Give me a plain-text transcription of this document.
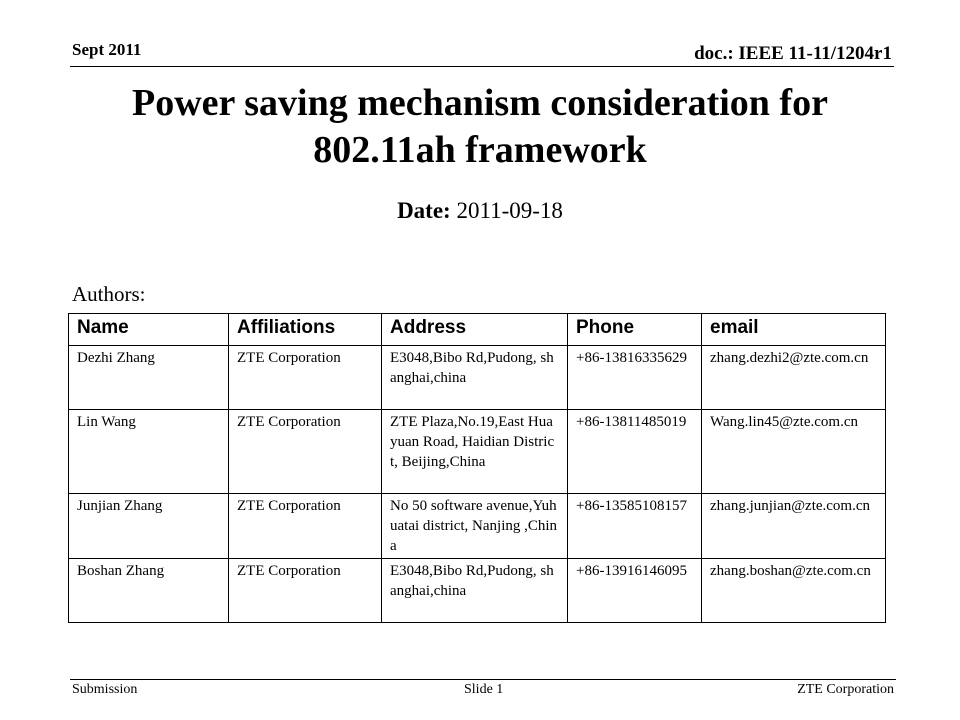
Sept 2011	doc.: IEEE 11-11/1204r1
Power saving mechanism consideration for 802.11ah framework
Date: 2011-09-18
Authors:
Name	Affiliations	Address	Phone	email
Dezhi Zhang	ZTE Corporation	E3048,Bibo Rd,Pudong, shanghai,china	+86-13816335629	zhang.dezhi2@zte.com.cn
Lin Wang	ZTE Corporation	ZTE Plaza,No.19,East Huayuan Road, Haidian District, Beijing,China	+86-13811485019	Wang.lin45@zte.com.cn
Junjian Zhang	ZTE Corporation	No 50 software avenue,Yuhuatai district, Nanjing ,China	+86-13585108157	zhang.junjian@zte.com.cn
Boshan Zhang	ZTE Corporation	E3048,Bibo Rd,Pudong, shanghai,china	+86-13916146095	zhang.boshan@zte.com.cn
Submission	Slide 1	ZTE Corporation
